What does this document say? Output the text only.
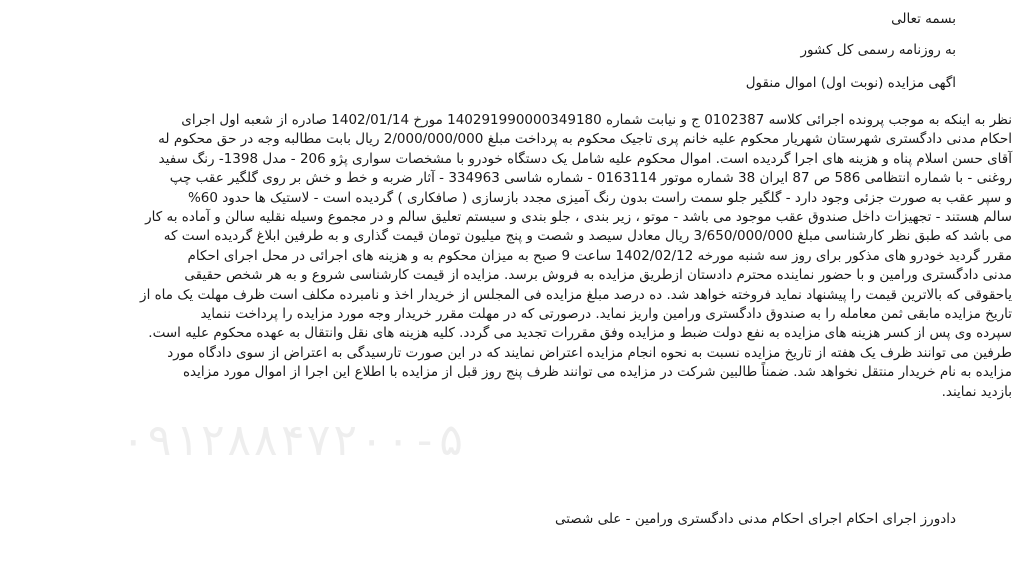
بسمه تعالی
به روزنامه رسمی کل کشور
اگهی مزایده (نوبت اول) اموال منقول
نظر به اینکه به موجب پرونده اجرائی کلاسه 0102387 ج و نیابت شماره 140291990000349180 مورخ 1402/01/14 صادره از شعبه اول اجرای
احکام مدنی دادگستری شهرستان شهریار محکوم علیه خانم پری تاجیک محکوم به پرداخت مبلغ 2/000/000/000 ریال بابت مطالبه وجه در حق محکوم له
آقای حسن اسلام پناه و هزینه های اجرا گردیده است. اموال محکوم علیه شامل یک دستگاه خودرو با مشخصات سواری پژو 206 - مدل 1398- رنگ سفید
روغنی - با شماره انتظامی 586 ص 87 ایران 38 شماره موتور 0163114 - شماره شاسی 334963 - آثار ضربه و خط و خش بر روی گلگیر عقب چپ
و سپر عقب به صورت جزئی وجود دارد - گلگیر جلو سمت راست بدون رنگ آمیزی مجدد بازسازی ( صافکاری ) گردیده است - لاستیک ها حدود 60%
سالم هستند - تجهیزات داخل صندوق عقب موجود می باشد - موتو ، زیر بندی ، جلو بندی و سیستم تعلیق سالم و در مجموع وسیله نقلیه سالن و آماده به کار
می باشد که طبق نظر کارشناسی مبلغ 3/650/000/000 ریال معادل سیصد و شصت و پنج میلیون تومان قیمت گذاری و به طرفین ابلاغ گردیده است که
مقرر گردید خودرو های مذکور برای روز سه شنبه مورخه 1402/02/12 ساعت 9 صبح به میزان محکوم به و هزینه های اجرائی در محل اجرای احکام
مدنی دادگستری ورامین و با حضور نماینده محترم دادستان ازطریق مزایده به فروش برسد. مزایده از قیمت کارشناسی شروع و به هر شخص حقیقی
یاحقوقی که بالاترین قیمت را پیشنهاد نماید فروخته خواهد شد. ده درصد مبلغ مزایده فی المجلس از خریدار اخذ و نامبرده مکلف است ظرف مهلت یک ماه از
تاریخ مزایده مابقی ثمن معامله را به صندوق دادگستری ورامین واریز نماید. درصورتی که در مهلت مقرر خریدار وجه مورد مزایده را پرداخت ننماید
سپرده وی پس از کسر هزینه های مزایده به نفع دولت ضبط و مزایده وفق مقررات تجدید می گردد. کلیه هزینه های نقل وانتقال به عهده محکوم علیه است.
طرفین می توانند ظرف یک هفته از تاریخ مزایده نسبت به نحوه انجام مزایده اعتراض نمایند که در این صورت تارسیدگی به اعتراض از سوی دادگاه مورد
مزایده به نام خریدار منتقل نخواهد شد. ضمناً طالبین شرکت در مزایده می توانند ظرف پنج روز قبل از مزایده با اطلاع این اجرا از اموال مورد مزایده
بازدید نمایند.
۰۹۱۲۸۸۴۷۲۰۰-۵
دادورز اجرای احکام اجرای احکام مدنی دادگستری ورامین - علی شصتی
